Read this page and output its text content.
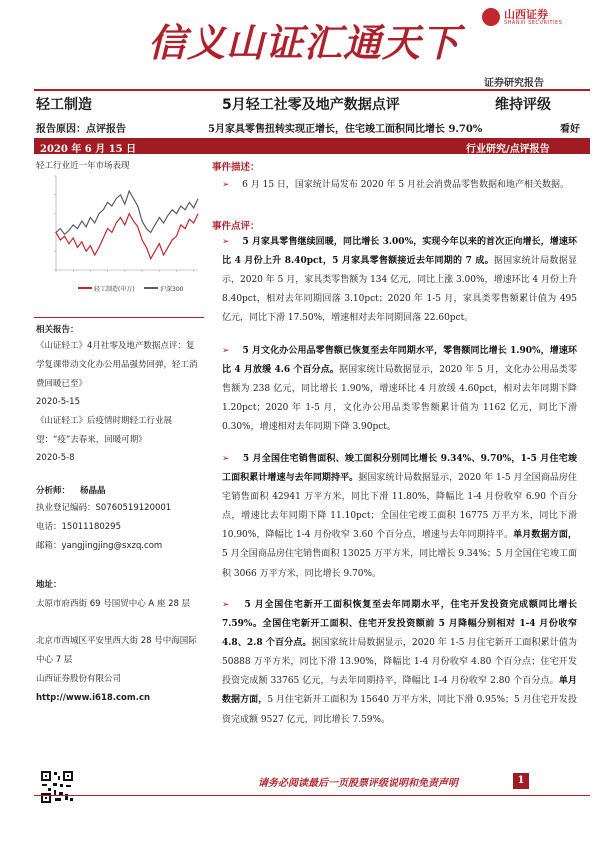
信义山证汇通天下
山西证券
SHANXI SECURITIES
证券研究报告
轻工制造	5月轻工社零及地产数据点评	维持评级
报告原因：点评报告	5月家具零售扭转实现正增长，住宅竣工面积同比增长 9.70%	看好
2020 年 6 月 15 日	行业研究/点评报告
轻工行业近一年市场表现
轻工制造(申万)	沪深300
相关报告：
《山证轻工》4月社零及地产数据点评：复学复课带动文化办公用品强势回弹，轻工消费回暖已至》
2020-5-15
《山证轻工》后疫情时期轻工行业展望：“疫”去春来，回暖可期》
2020-5-8
分析师： 杨晶晶
执业登记编码：S0760519120001
电话：15011180295
邮箱：yangjingjing@sxzq.com
地址：
太原市府西街 69 号国贸中心 A 座 28 层
北京市西城区平安里西大街 28 号中海国际中心 7 层
山西证券股份有限公司
http://www.i618.com.cn
事件描述：
➢ 6 月 15 日，国家统计局发布 2020 年 5 月社会消费品零售数据和地产相关数据。
事件点评：
➢ 5 月家具零售继续回暖，同比增长 3.00%，实现今年以来的首次正向增长，增速环比 4 月份上升 8.40pct，5 月家具零售额接近去年同期的 7 成。据国家统计局数据显示，2020 年 5 月，家具类零售额为 134 亿元，同比上涨 3.00%，增速环比 4 月份上升 8.40pct，相对去年同期回落 3.10pct；2020 年 1-5 月，家具类零售额累计值为 495 亿元，同比下滑 17.50%，增速相对去年同期回落 22.60pct。
➢ 5 月文化办公用品零售额已恢复至去年同期水平，零售额同比增长 1.90%，增速环比 4 月放缓 4.6 个百分点。据国家统计局数据显示，2020 年 5 月，文化办公用品类零售额为 238 亿元，同比增长 1.90%，增速环比 4 月放缓 4.60pct，相对去年同期下降 1.20pct；2020 年 1-5 月，文化办公用品类零售额累计值为 1162 亿元，同比下滑 0.30%，增速相对去年同期下降 3.90pct。
➢ 5 月全国住宅销售面积、竣工面积分别同比增长 9.34%、9.70%，1-5 月住宅竣工面积累计增速与去年同期持平。据国家统计局数据显示，2020 年 1-5 月全国商品房住宅销售面积 42941 万平方米，同比下滑 11.80%，降幅比 1-4 月份收窄 6.90 个百分点，增速比去年同期下降 11.10pct；全国住宅竣工面积 16775 万平方米，同比下滑 10.90%，降幅比 1-4 月份收窄 3.60 个百分点，增速与去年同期持平。单月数据方面，5 月全国商品房住宅销售面积 13025 万平方米，同比增长 9.34%；5 月全国住宅竣工面积 3066 万平方米，同比增长 9.70%。
➢ 5 月全国住宅新开工面积恢复至去年同期水平，住宅开发投资完成额同比增长 7.59%。全国住宅新开工面积、住宅开发投资额前 5 月降幅分别相对 1-4 月份收窄 4.8、2.8 个百分点。据国家统计局数据显示，2020 年 1-5 月住宅新开工面积累计值为 50888 万平方米，同比下滑 13.90%，降幅比 1-4 月份收窄 4.80 个百分点；住宅开发投资完成额 33765 亿元，与去年同期持平，降幅比 1-4 月份收窄 2.80 个百分点。单月数据方面，5 月住宅新开工面积为 15640 万平方米，同比下滑 0.95%；5 月住宅开发投资完成额 9527 亿元，同比增长 7.59%。
请务必阅读最后一页股票评级说明和免责声明	1
